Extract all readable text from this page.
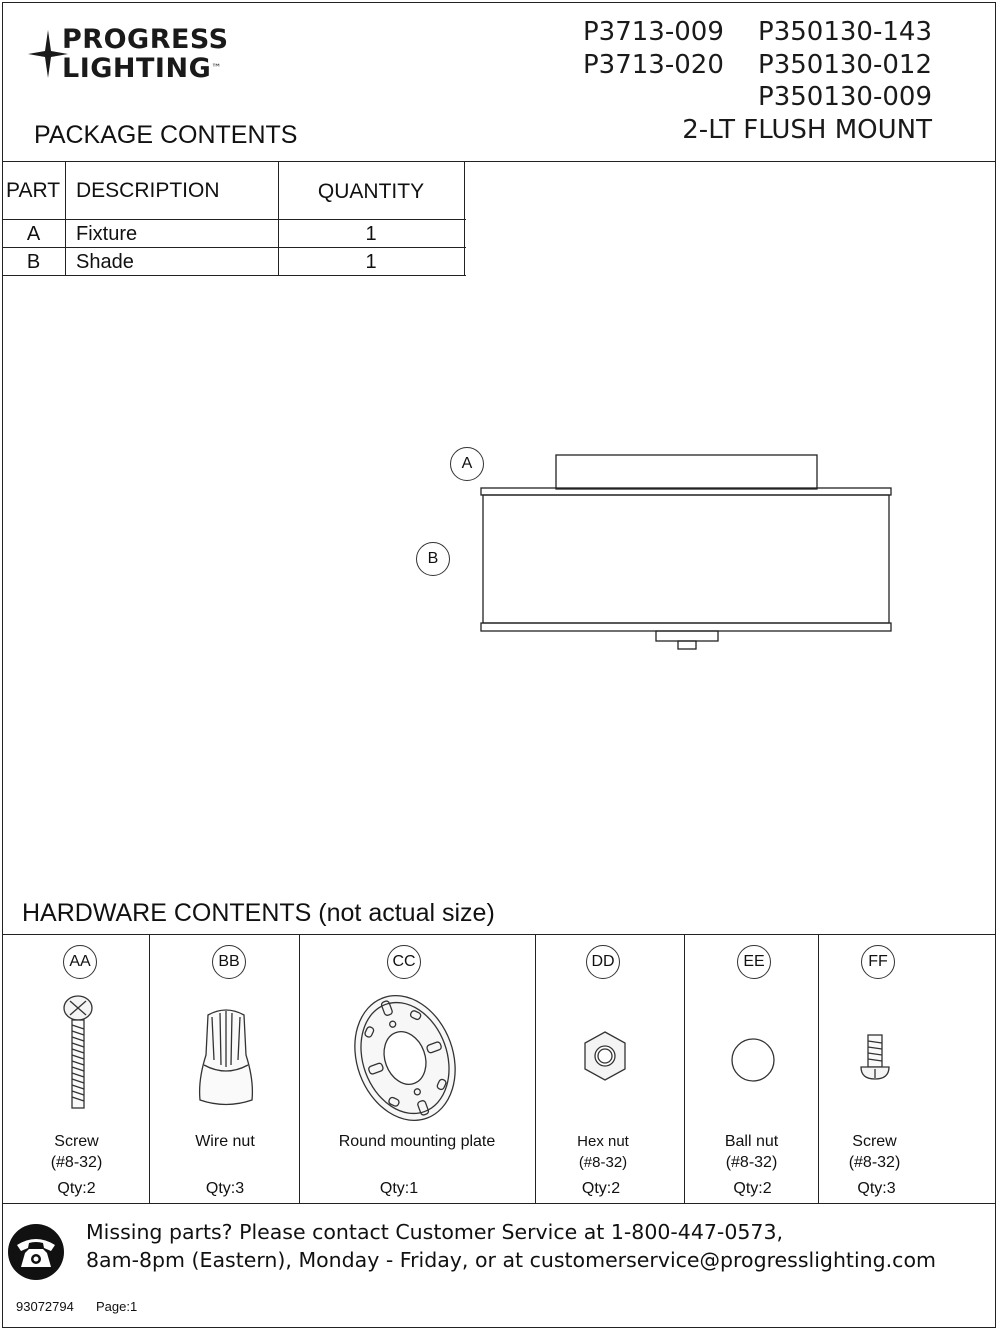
PROGRESS
LIGHTING™
P3713-009
P3713-020
P350130-143
P350130-012
P350130-009
2-LT FLUSH MOUNT
PACKAGE CONTENTS
PART DESCRIPTION	QUANTITY
A	Fixture	1
B	Shade	1
A
B
HARDWARE CONTENTS (not actual size)
AA
Screw
(#8-32)
Qty:2
BB
Wire nut
Qty:3
CC
Round mounting plate
Qty:1
DD
Hex nut
(#8-32)
Qty:2
EE
Ball nut
(#8-32)
Qty:2
FF
Screw
(#8-32)
Qty:3
Missing parts? Please contact Customer Service at 1-800-447-0573,
8am-8pm (Eastern), Monday - Friday, or at customerservice@progresslighting.com
93072794 Page:1
